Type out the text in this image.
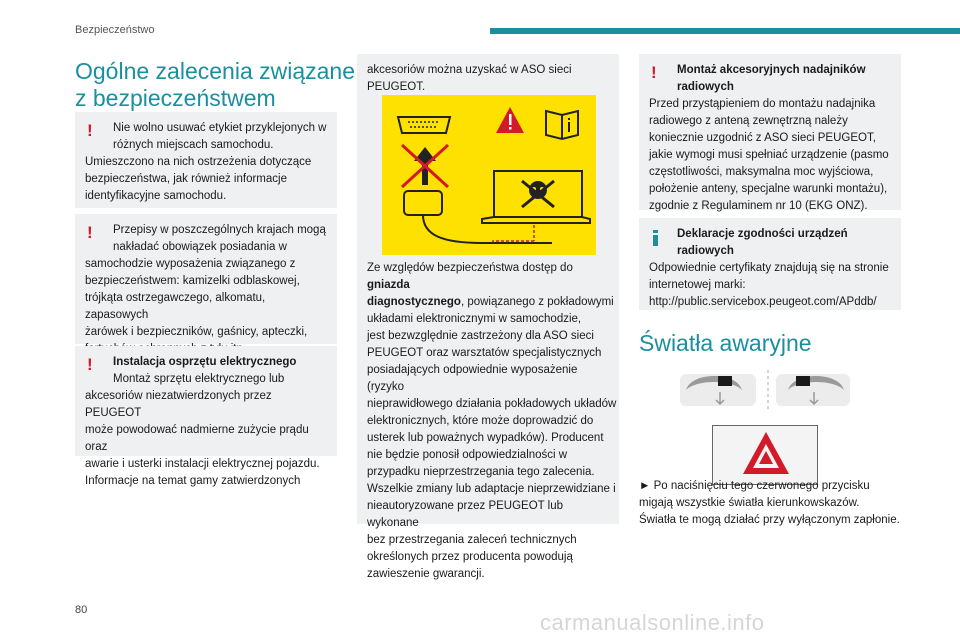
Bezpieczeństwo
Ogólne zalecenia związane
z bezpieczeństwem
!	Nie wolno usuwać etykiet przyklejonych w

różnych miejscach samochodu.

Umieszczono na nich ostrzeżenia dotyczące

bezpieczeństwa, jak również informacje

identyfikacyjne samochodu.

!	Przepisy w poszczególnych krajach mogą

nakładać obowiązek posiadania w

samochodzie wyposażenia związanego z

bezpieczeństwem: kamizelki odblaskowej,

trójkąta ostrzegawczego, alkomatu, zapasowych

żarówek i bezpieczników, gaśnicy, apteczki,

!	Instalacja osprzętu elektrycznego

Montaż sprzętu elektrycznego lub

akcesoriów niezatwierdzonych przez PEUGEOT

może powodować nadmierne zużycie prądu oraz

awarie i usterki instalacji elektrycznej pojazdu.

Informacje na temat gamy zatwierdzonych

akcesoriów można uzyskać w ASO sieci

PEUGEOT.

Ze względów bezpieczeństwa dostęp do gniazda

diagnostycznego, powiązanego z pokładowymi

układami elektronicznymi w samochodzie,

jest bezwzględnie zastrzeżony dla ASO sieci

PEUGEOT oraz warsztatów specjalistycznych

posiadających odpowiednie wyposażenie (ryzyko

nieprawidłowego działania pokładowych układów

elektronicznych, które może doprowadzić do

usterek lub poważnych wypadków). Producent

nie będzie ponosił odpowiedzialności w

przypadku nieprzestrzegania tego zalecenia.

Wszelkie zmiany lub adaptacje nieprzewidziane i

nieautoryzowane przez PEUGEOT lub wykonane

bez przestrzegania zaleceń technicznych

określonych przez producenta powodują

zawieszenie gwarancji.

!	Montaż akcesoryjnych nadajników

radiowych

Przed przystąpieniem do montażu nadajnika

radiowego z anteną zewnętrzną należy

koniecznie uzgodnić z ASO sieci PEUGEOT,

jakie wymogi musi spełniać urządzenie (pasmo

częstotliwości, maksymalna moc wyjściowa,

położenie anteny, specjalne warunki montażu),

zgodnie z Regulaminem nr 10 (EKG ONZ).

Deklaracje zgodności urządzeń

radiowych

Odpowiednie certyfikaty znajdują się na stronie

internetowej marki:

http://public.servicebox.peugeot.com/APddb/

Światła awaryjne

► Po naciśnięciu tego czerwonego przycisku

migają wszystkie światła kierunkowskazów.

Światła te mogą działać przy wyłączonym zapłonie.

80	carmanualsonline.info
